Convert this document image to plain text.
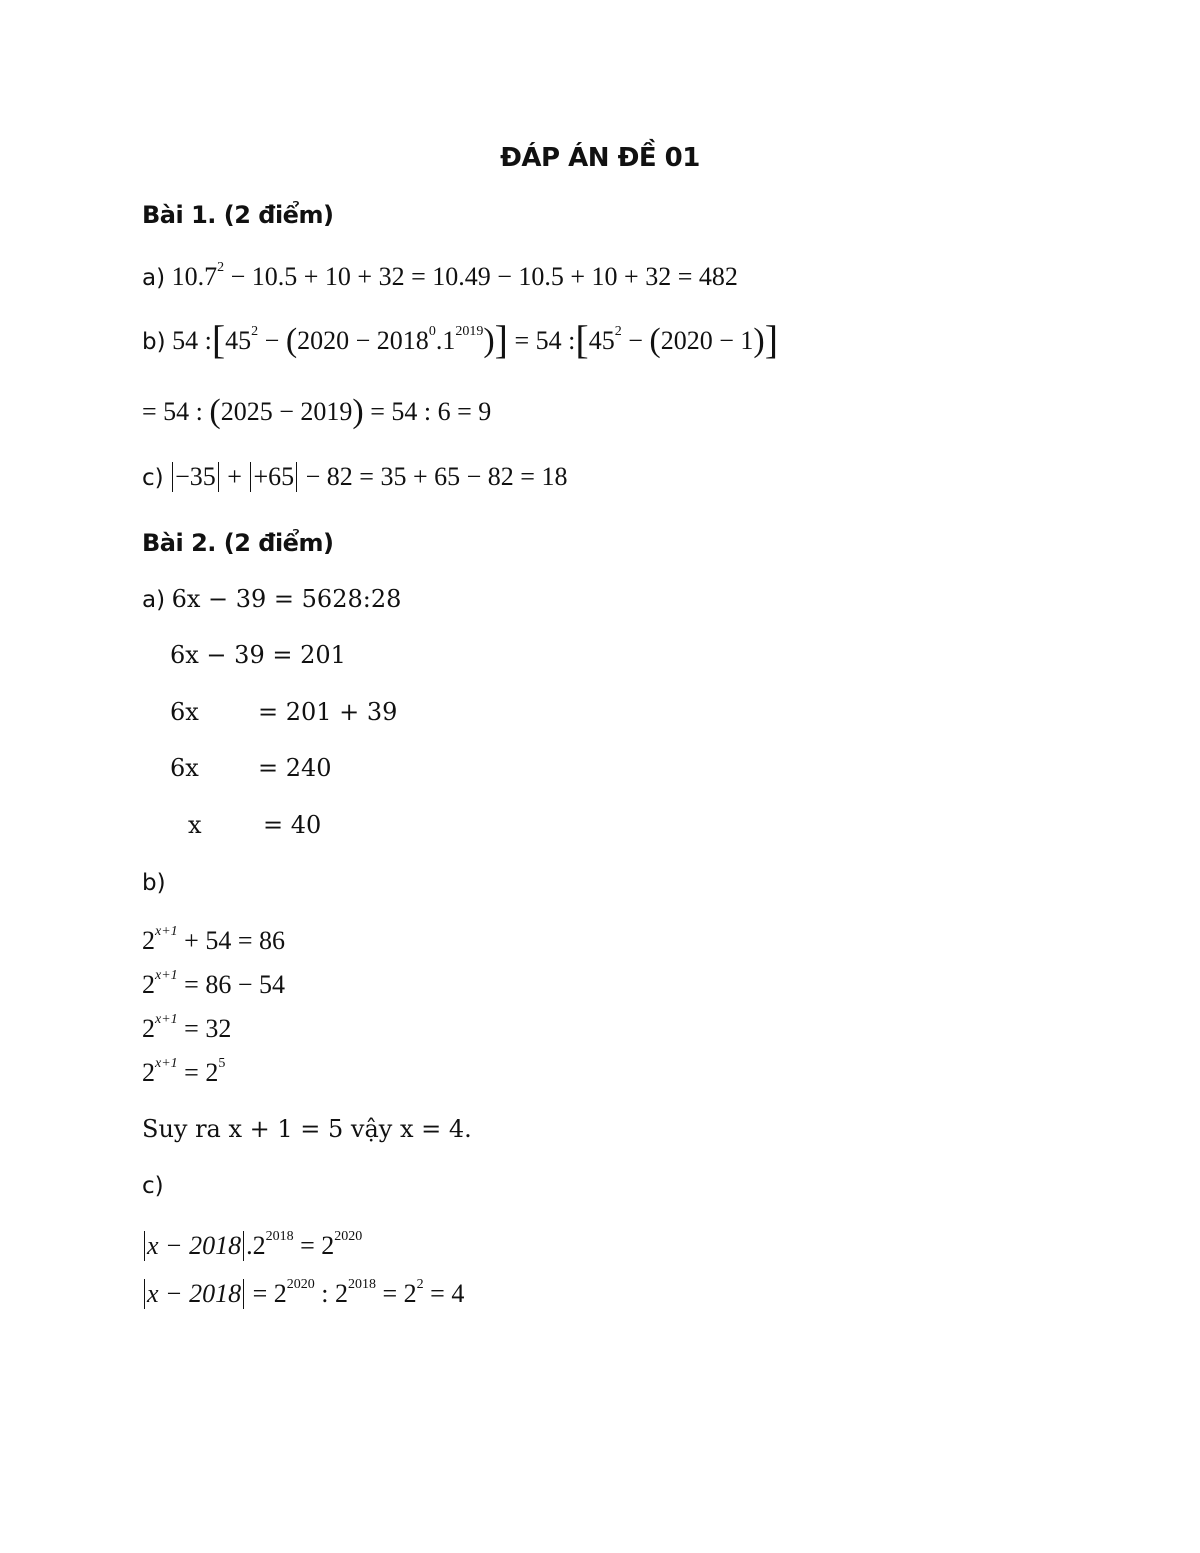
ĐÁP ÁN ĐỀ 01
Bài 1. (2 điểm)
a) $10.7^2 - 10.5 + 10 + 32 = 10.49 - 10.5 + 10 + 32 = 482$
b) 54 $:[45^2 - (2020 - 2018^0.1^{2019})] = 54$ $:[45^2 - (2020 - 1)]$
= 54 : (2025 − 2019) = 54 : 6 = 9
c) −35 + +65 − 82 = 35 + 65 − 82 = 18
Bài 2. (2 điểm)
a) 6x − 39 = 5628:28
6x − 39 = 201
6x = 201 + 39
6x = 240
x	= 40
b)
$2^{x+1} + 54 = 86$
$2^{x+1} = 86 - 54$
$2^{x+1} = 32$
$2^{x+1} = 2^5$
Suy ra x + 1 = 5 vậy x = 4.
c)
x − 2018 $.2^{2018} = 2^{2020}$
$x - 2018 = 2^{2020}$ : $2^{2018} = 2^2 = 4$
